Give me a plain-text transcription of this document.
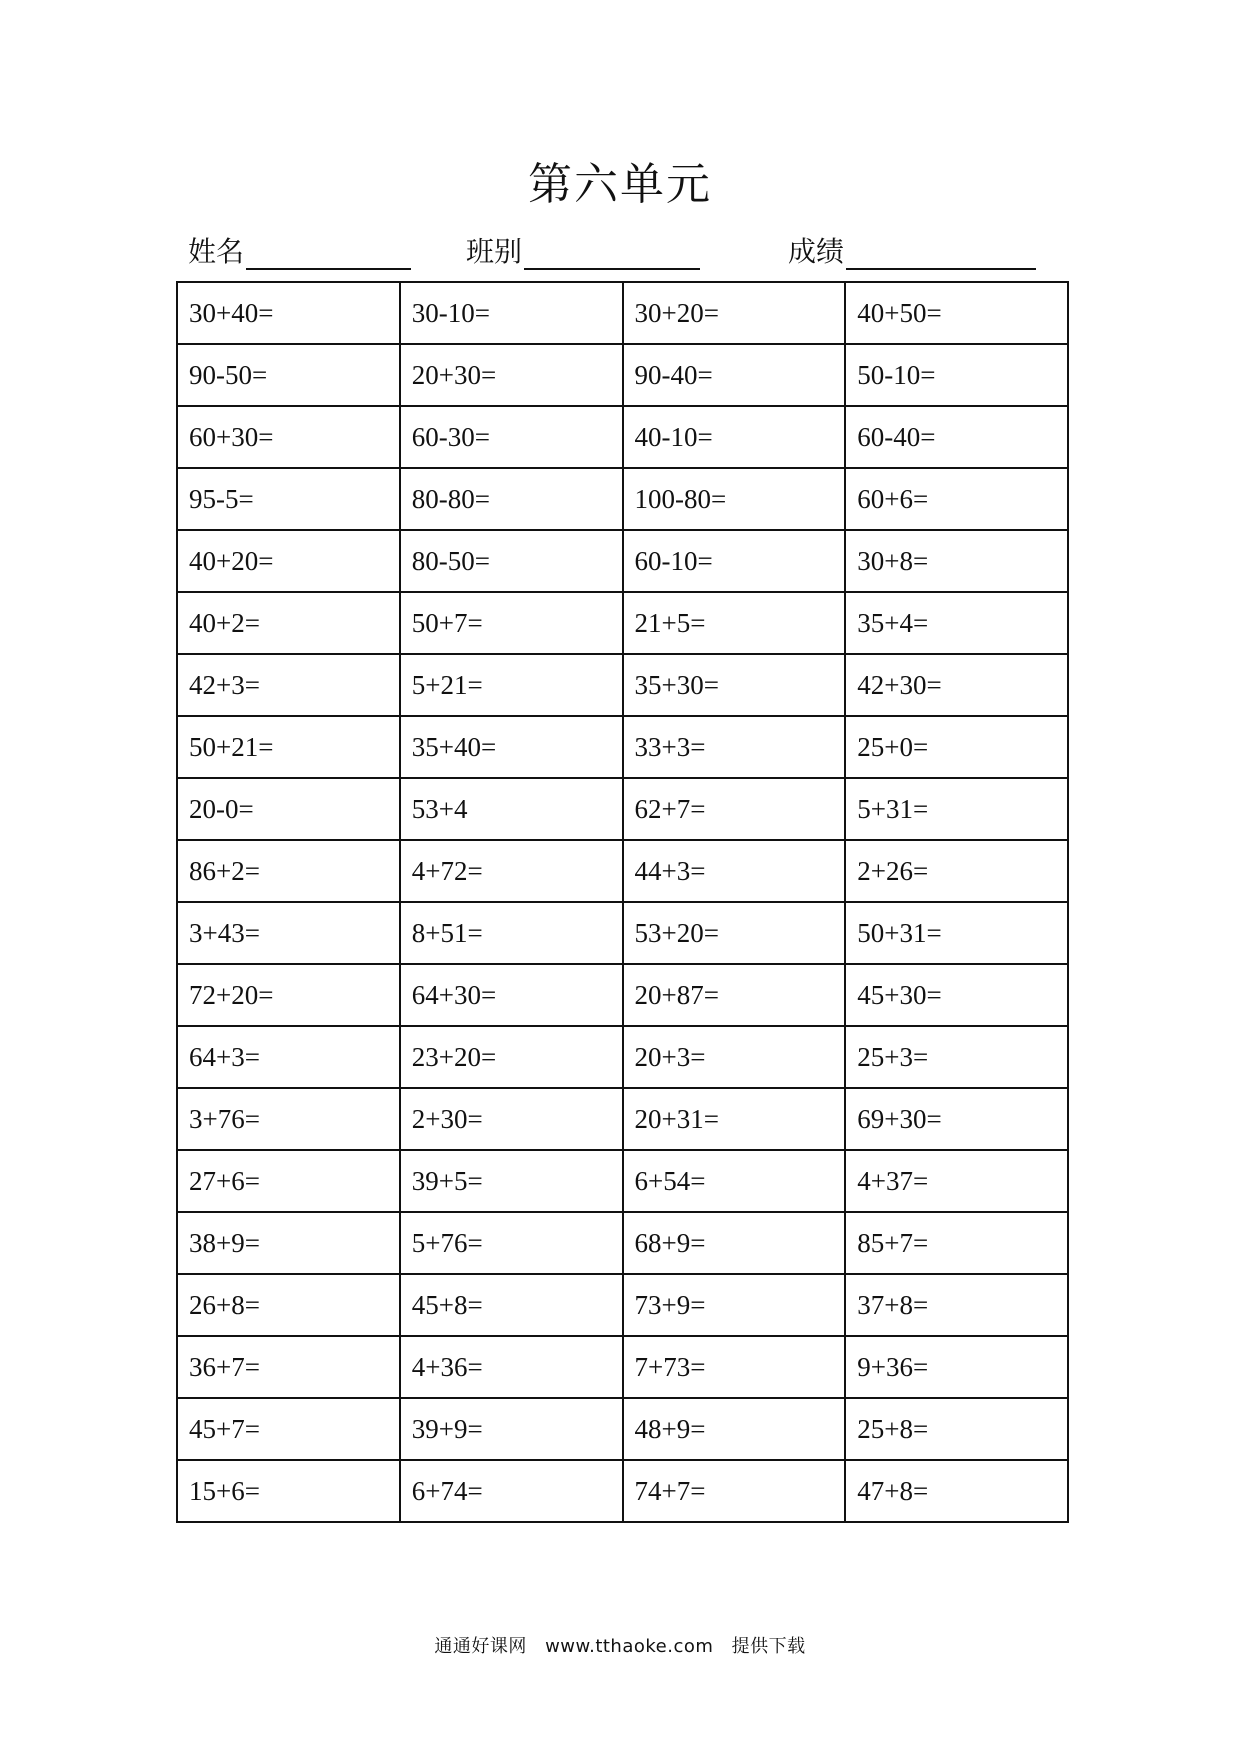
第六单元
姓名	班别	成绩
30+40=	30-10=	30+20=	40+50=
90-50=	20+30=	90-40=	50-10=
60+30=	60-30=	40-10=	60-40=
95-5=	80-80=	100-80=	60+6=
40+20=	80-50=	60-10=	30+8=
40+2=	50+7=	21+5=	35+4=
42+3=	5+21=	35+30=	42+30=
50+21=	35+40=	33+3=	25+0=
20-0=	53+4	62+7=	5+31=
86+2=	4+72=	44+3=	2+26=
3+43=	8+51=	53+20=	50+31=
72+20=	64+30=	20+87=	45+30=
64+3=	23+20=	20+3=	25+3=
3+76=	2+30=	20+31=	69+30=
27+6=	39+5=	6+54=	4+37=
38+9=	5+76=	68+9=	85+7=
26+8=	45+8=	73+9=	37+8=
36+7=	4+36=	7+73=	9+36=
45+7=	39+9=	48+9=	25+8=
15+6=	6+74=	74+7=	47+8=
通通好课网 www.tthaoke.com 提供下载
